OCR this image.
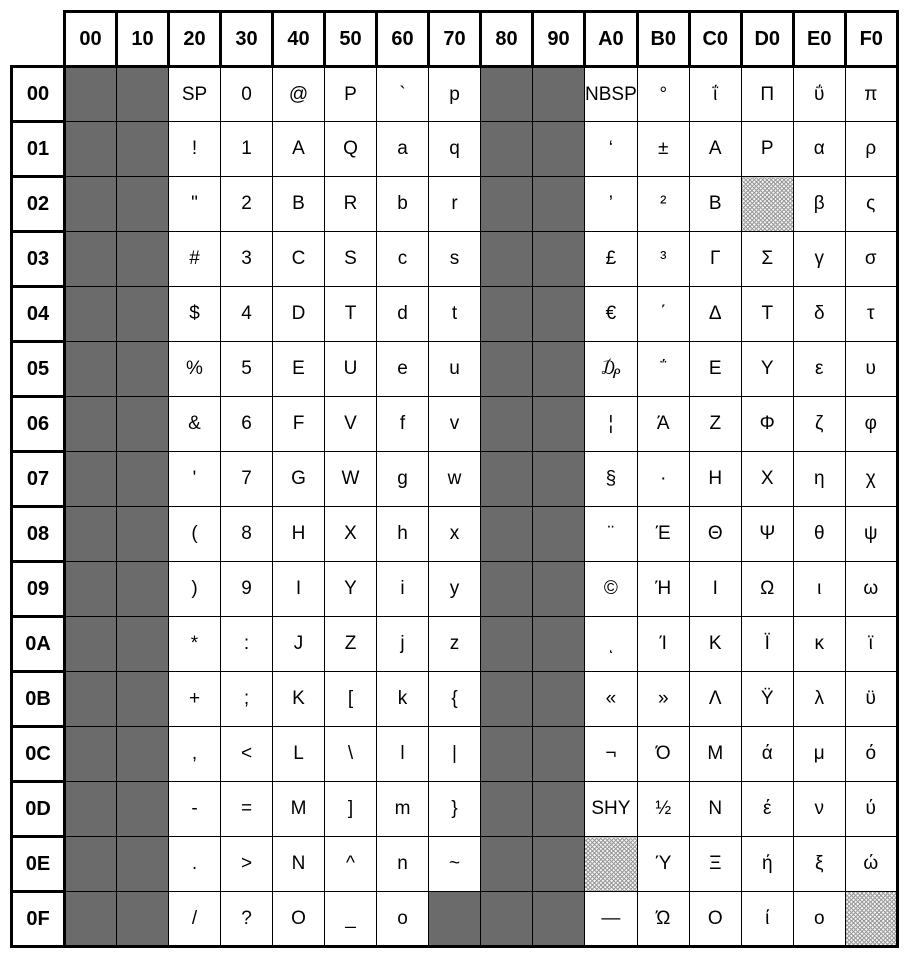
	00	10	20	30	40	50	60	70	80	90	A0	B0	C0	D0	E0	F0
00			SP	0	@	P	`	p			NBSP	°	ΐ	Π	ΰ	π
01			!	1	A	Q	a	q			‘	±	Α	Ρ	α	ρ
02			"	2	B	R	b	r			’	²	Β		β	ς
03			#	3	C	S	c	s			£	³	Γ	Σ	γ	σ
04			$	4	D	T	d	t			€	΄	Δ	Τ	δ	τ
05			%	5	E	U	e	u			₯	΅	Ε	Υ	ε	υ
06			&	6	F	V	f	v			¦	Ά	Ζ	Φ	ζ	φ
07			'	7	G	W	g	w			§	·	Η	Χ	η	χ
08			(	8	H	X	h	x			¨	Έ	Θ	Ψ	θ	ψ
09			)	9	I	Y	i	y			©	Ή	Ι	Ω	ι	ω
0A			*	:	J	Z	j	z			ͺ	Ί	Κ	Ϊ	κ	ϊ
0B			+	;	K	[	k	{			«	»	Λ	Ϋ	λ	ϋ
0C			,	<	L	\	l	|			¬	Ό	Μ	ά	μ	ό
0D			-	=	M	]	m	}			SHY	½	Ν	έ	ν	ύ
0E			.	>	N	^	n	~				Ύ	Ξ	ή	ξ	ώ
0F			/	?	O	_	o				―	Ώ	Ο	ί	ο	
